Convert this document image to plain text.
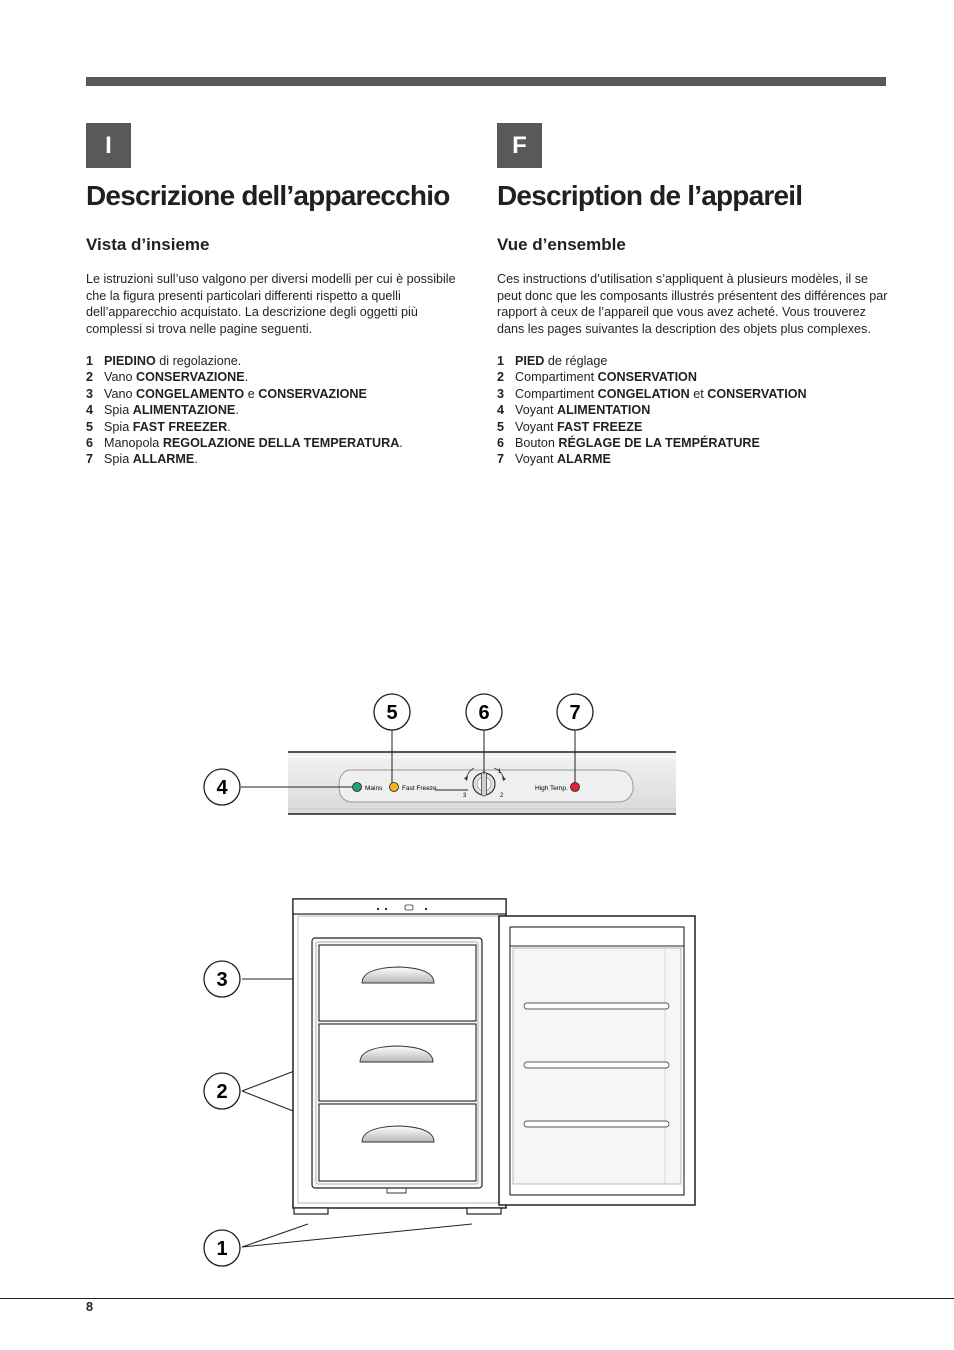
I
Descrizione dell’apparecchio
Vista d’insieme

Le istruzioni sull’uso valgono per diversi modelli per cui è possibile che la figura presenti particolari differenti rispetto a quelli dell’apparecchio acquistato. La descrizione degli oggetti più complessi si trova nelle pagine seguenti.

1 PIEDINO di regolazione.
2 Vano CONSERVAZIONE.
3 Vano CONGELAMENTO e CONSERVAZIONE
4 Spia ALIMENTAZIONE.
5 Spia FAST FREEZER.
6 Manopola REGOLAZIONE DELLA TEMPERATURA.
7 Spia ALLARME.
F
Description de l’appareil
Vue d’ensemble

Ces instructions d’utilisation s’appliquent à plusieurs modèles, il se peut donc que les composants illustrés présentent des différences par rapport à ceux de l’appareil que vous avez acheté. Vous trouverez dans les pages suivantes la description des objets plus complexes.

1 PIED de réglage
2 Compartiment CONSERVATION
3 Compartiment CONGELATION et CONSERVATION
4 Voyant ALIMENTATION
5 Voyant FAST FREEZE
6 Bouton RÉGLAGE DE LA TEMPÉRATURE
7 Voyant ALARME
Mains	Fast Freeze
1
2
3
High Temp.
5	6	7
4
3
2
1
8
